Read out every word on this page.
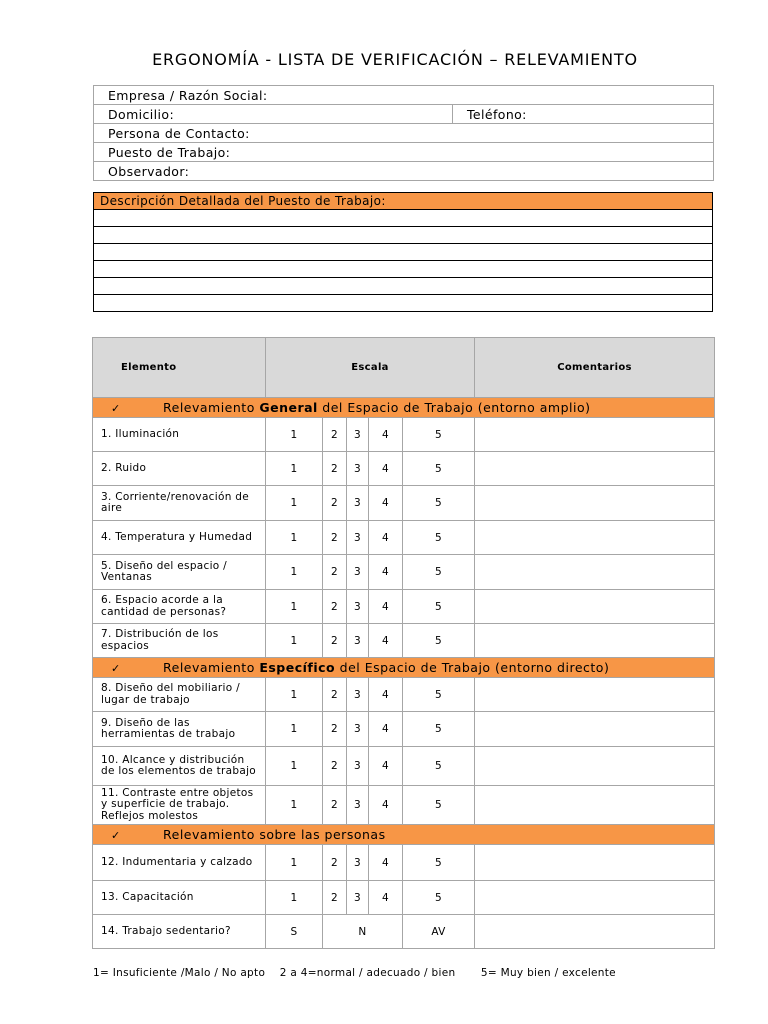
ERGONOMÍA - LISTA DE VERIFICACIÓN – RELEVAMIENTO
Empresa / Razón Social:
Domicilio:	Teléfono:
Persona de Contacto:
Puesto de Trabajo:
Observador:
Descripción Detallada del Puesto de Trabajo:

Elemento	Escala					Comentarios
✓ Relevamiento General del Espacio de Trabajo (entorno amplio)						
1. Iluminación	1	2	3	4	5	
2. Ruido	1	2	3	4	5	
3. Corriente/renovación de aire	1	2	3	4	5	
4. Temperatura y Humedad	1	2	3	4	5	
5. Diseño del espacio / Ventanas	1	2	3	4	5	
6. Espacio acorde a la cantidad de personas?	1	2	3	4	5	
7. Distribución de los espacios	1	2	3	4	5	
✓ Relevamiento Específico del Espacio de Trabajo (entorno directo)						
8. Diseño del mobiliario / lugar de trabajo	1	2	3	4	5	
9. Diseño de las herramientas de trabajo	1	2	3	4	5	
10. Alcance y distribución de los elementos de trabajo	1	2	3	4	5	
11. Contraste entre objetos y superficie de trabajo. Reflejos molestos	1	2	3	4	5	
✓ Relevamiento sobre las personas						
12. Indumentaria y calzado	1	2	3	4	5	
13. Capacitación	1	2	3	4	5	
14. Trabajo sedentario?	S	N			AV	
1= Insuficiente /Malo / No apto 2 a 4=normal / adecuado / bien 5= Muy bien / excelente
